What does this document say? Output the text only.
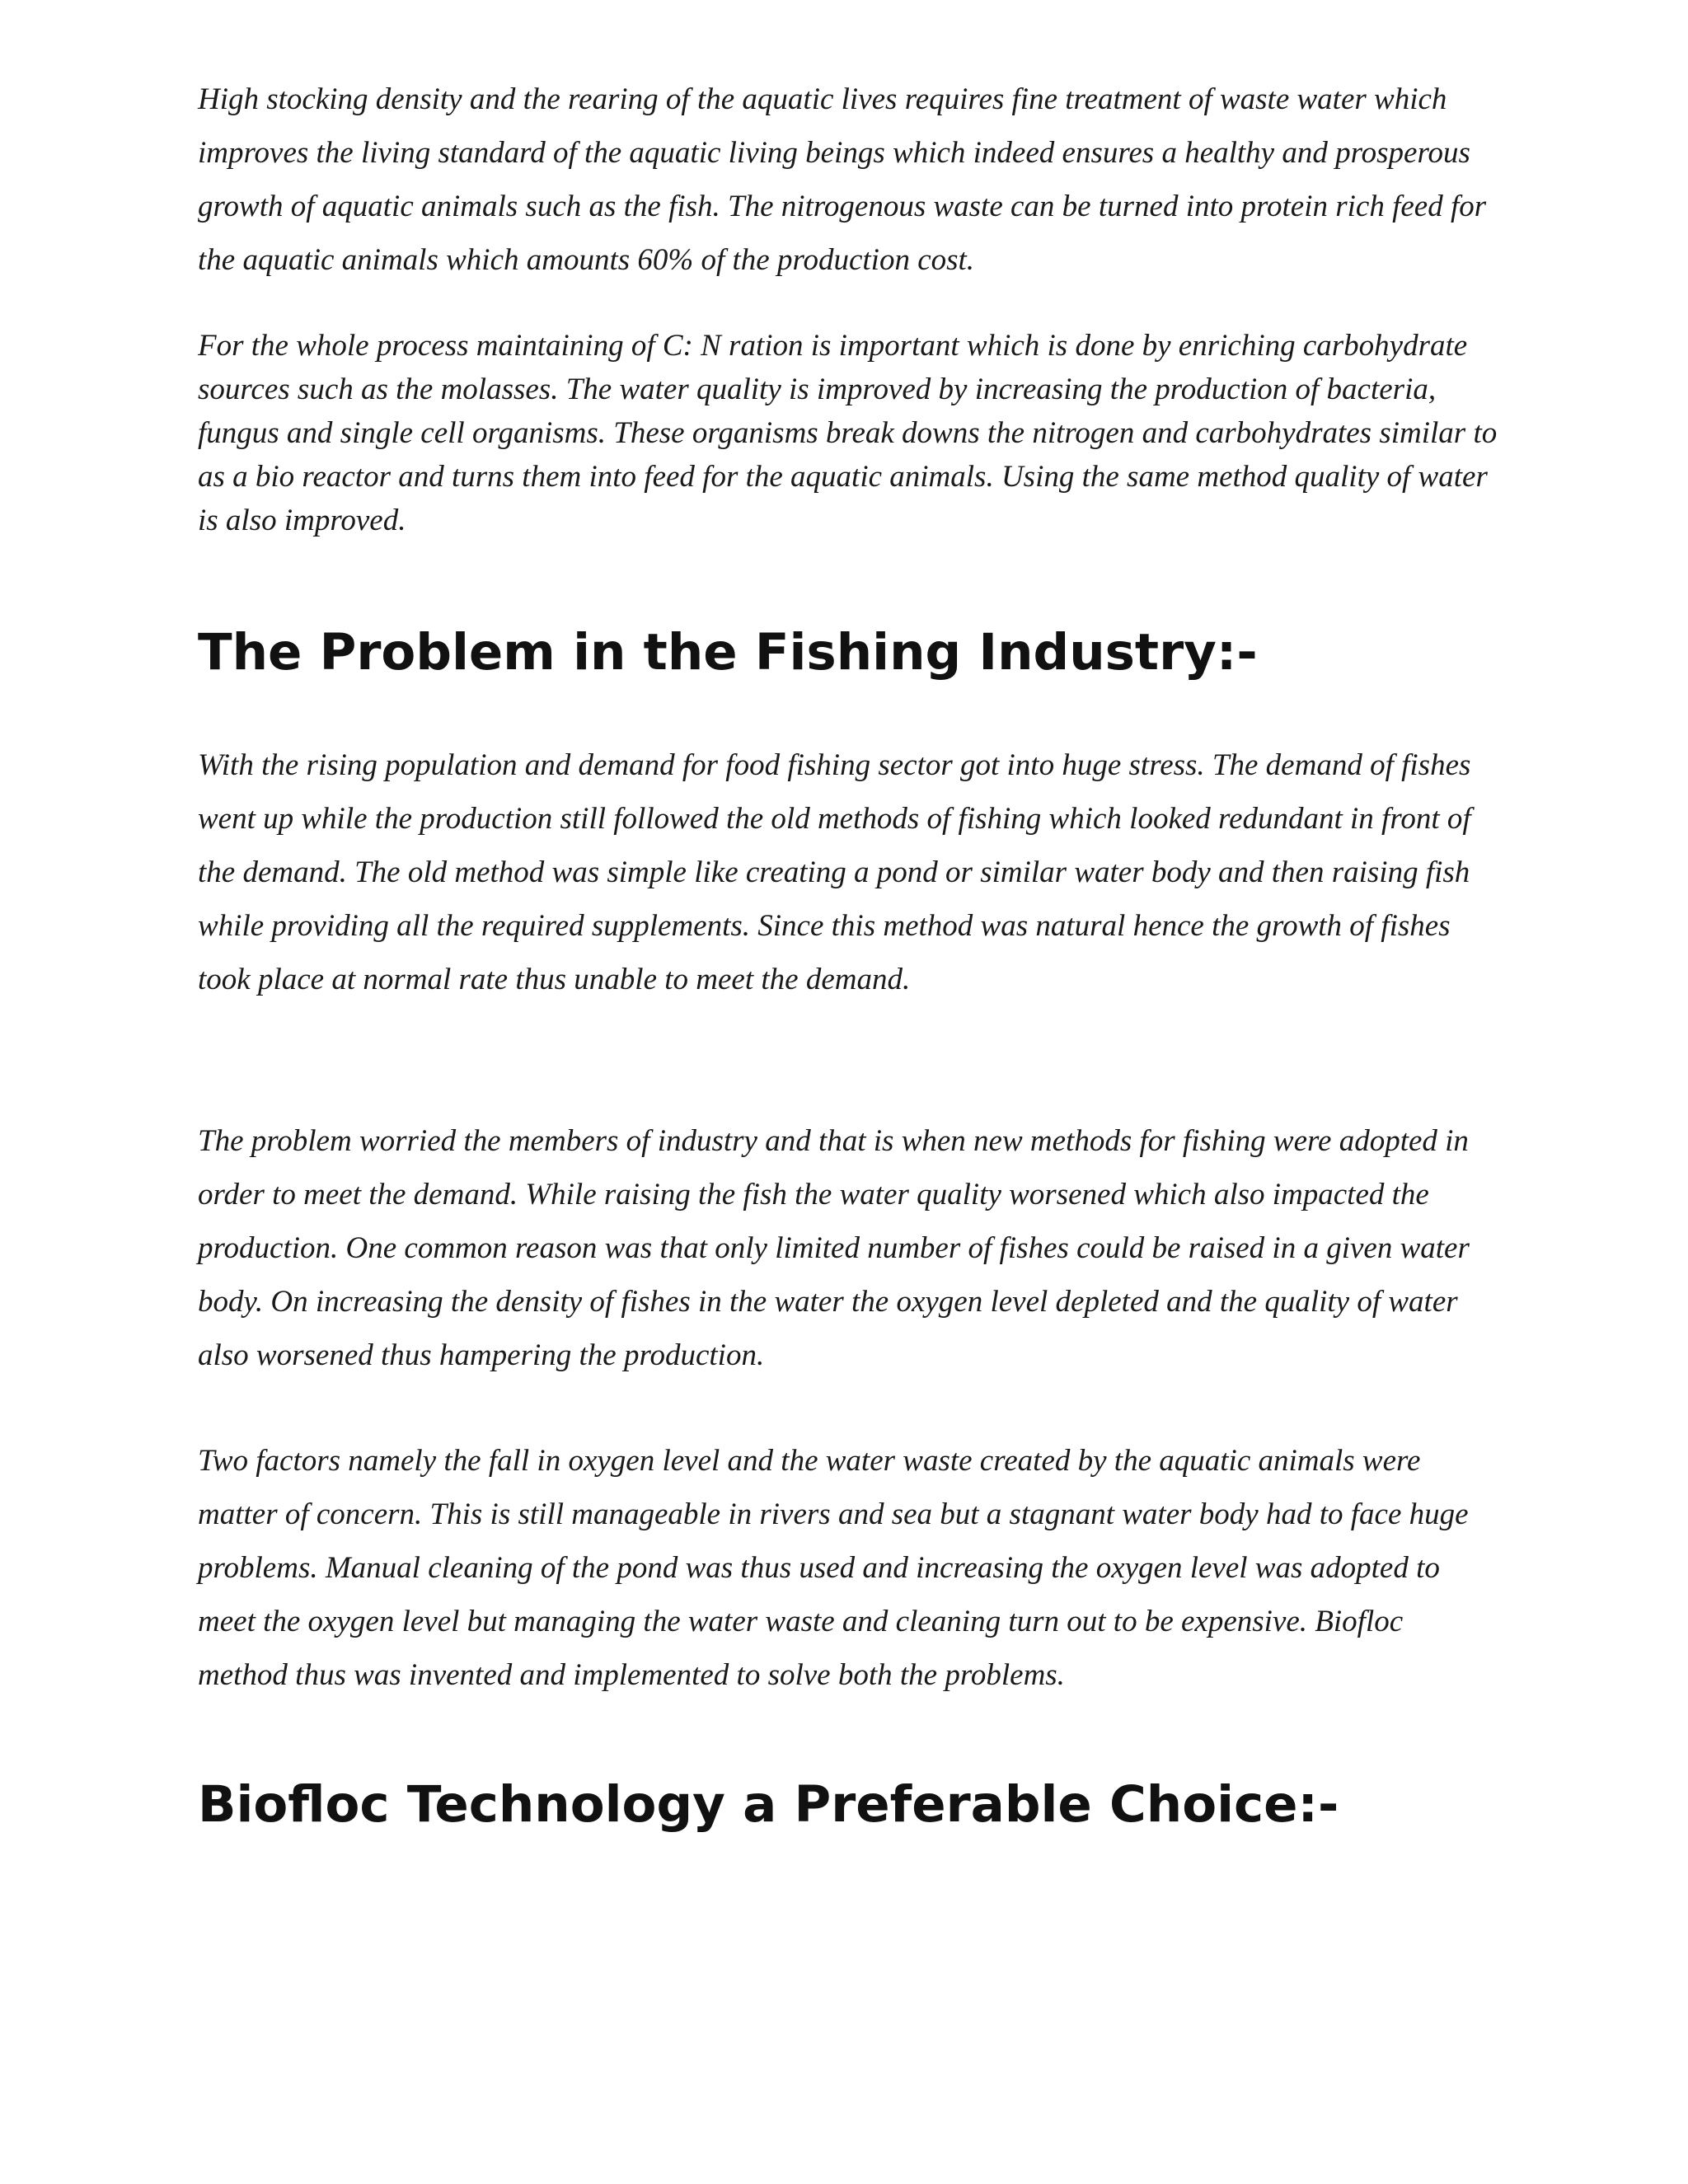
High stocking density and the rearing of the aquatic lives requires fine treatment of waste water which improves the living standard of the aquatic living beings which indeed ensures a healthy and prosperous growth of aquatic animals such as the fish. The nitrogenous waste can be turned into protein rich feed for the aquatic animals which amounts 60% of the production cost.

For the whole process maintaining of C: N ration is important which is done by enriching carbohydrate sources such as the molasses. The water quality is improved by increasing the production of bacteria, fungus and single cell organisms. These organisms break downs the nitrogen and carbohydrates similar to as a bio reactor and turns them into feed for the aquatic animals. Using the same method quality of water is also improved.

The Problem in the Fishing Industry:-

With the rising population and demand for food fishing sector got into huge stress. The demand of fishes went up while the production still followed the old methods of fishing which looked redundant in front of the demand. The old method was simple like creating a pond or similar water body and then raising fish while providing all the required supplements. Since this method was natural hence the growth of fishes took place at normal rate thus unable to meet the demand.

The problem worried the members of industry and that is when new methods for fishing were adopted in order to meet the demand. While raising the fish the water quality worsened which also impacted the production. One common reason was that only limited number of fishes could be raised in a given water body. On increasing the density of fishes in the water the oxygen level depleted and the quality of water also worsened thus hampering the production.

Two factors namely the fall in oxygen level and the water waste created by the aquatic animals were matter of concern. This is still manageable in rivers and sea but a stagnant water body had to face huge problems. Manual cleaning of the pond was thus used and increasing the oxygen level was adopted to meet the oxygen level but managing the water waste and cleaning turn out to be expensive. Biofloc method thus was invented and implemented to solve both the problems.

Biofloc Technology a Preferable Choice:-
